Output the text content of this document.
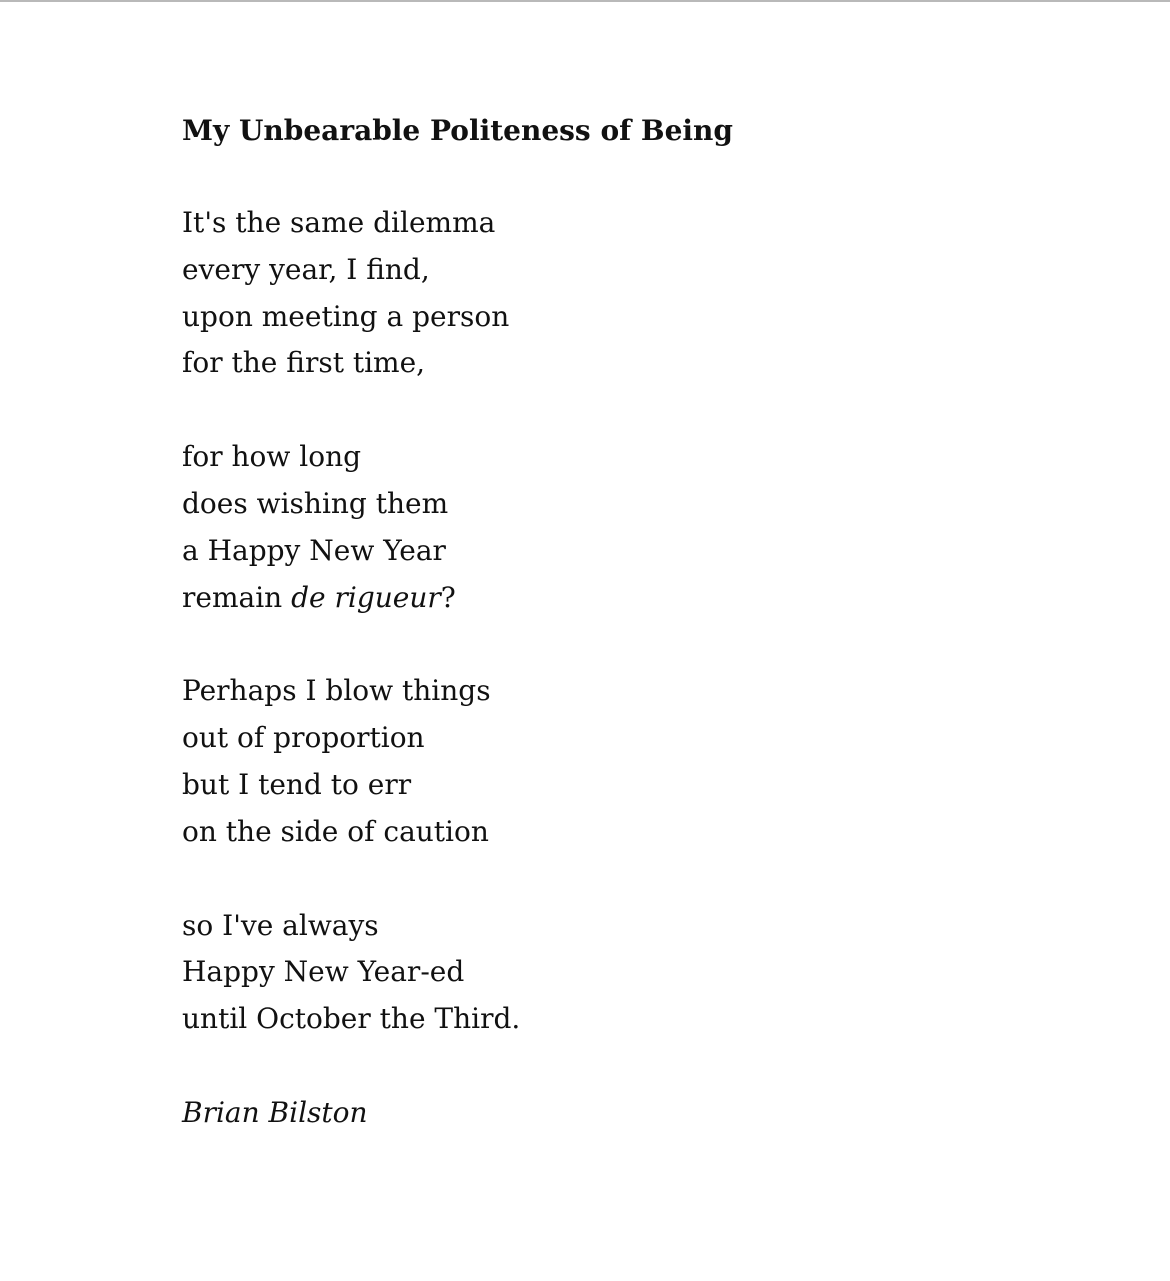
My Unbearable Politeness of Being
It's the same dilemma
every year, I find,
upon meeting a person
for the first time,
for how long
does wishing them
a Happy New Year
remain de rigueur?
Perhaps I blow things
out of proportion
but I tend to err
on the side of caution
so I've always
Happy New Year-ed
until October the Third.
Brian Bilston
